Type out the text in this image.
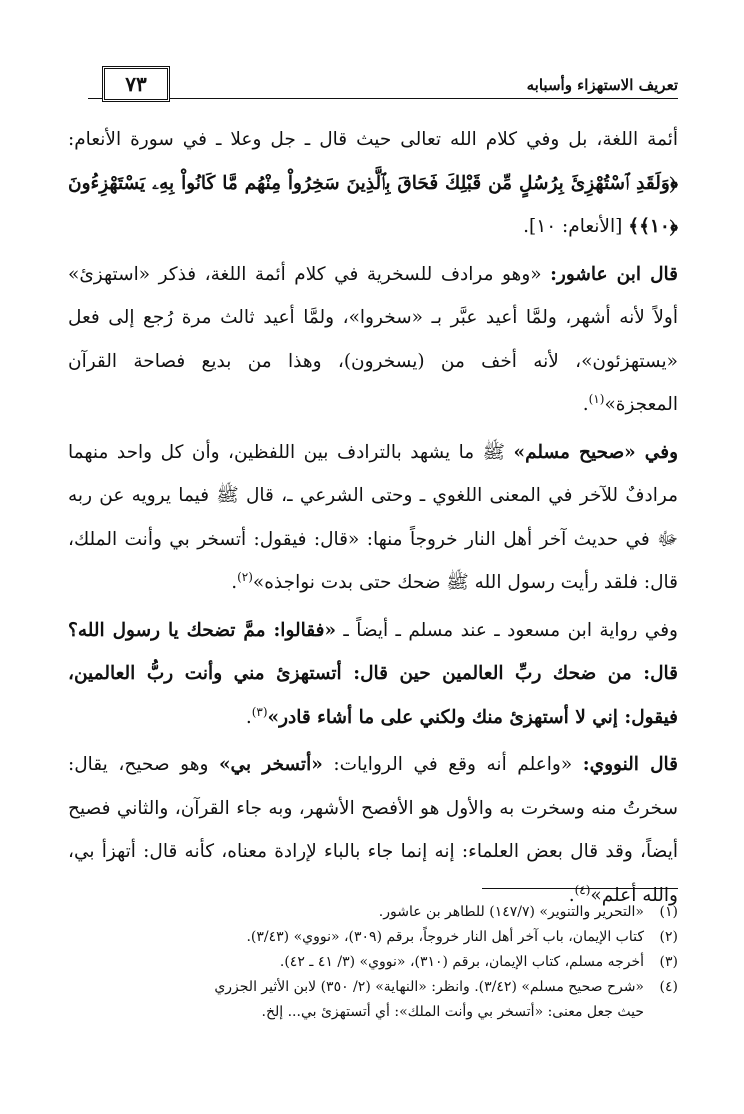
تعريف الاستهزاء وأسبابه
٧٣

أئمة اللغة، بل وفي كلام الله تعالى حيث قال ـ جل وعلا ـ في سورة الأنعام: ﴿وَلَقَدِ ٱسْتُهْزِئَ بِرُسُلٍ مِّن قَبْلِكَ فَحَاقَ بِٱلَّذِينَ سَخِرُواْ مِنْهُم مَّا كَانُواْ بِهِۦ يَسْتَهْزِءُونَ ﴿١٠﴾﴾ [الأنعام: ١٠].

قال ابن عاشور: «وهو مرادف للسخرية في كلام أئمة اللغة، فذكر «استهزئ» أولاً لأنه أشهر، ولمَّا أعيد عبَّر بـ «سخروا»، ولمَّا أعيد ثالث مرة رُجع إلى فعل «يستهزئون»، لأنه أخف من (يسخرون)، وهذا من بديع فصاحة القرآن المعجزة»$^{(١)}$.

وفي «صحيح مسلم» ﷺ ما يشهد بالترادف بين اللفظين، وأن كل واحد منهما مرادفٌ للآخر في المعنى اللغوي ـ وحتى الشرعي ـ، قال ﷺ فيما يرويه عن ربه ﷻ في حديث آخر أهل النار خروجاً منها: «قال: فيقول: أتسخر بي وأنت الملك، قال: فلقد رأيت رسول الله ﷺ ضحك حتى بدت نواجذه»$^{(٢)}$.

وفي رواية ابن مسعود ـ عند مسلم ـ أيضاً ـ «فقالوا: ممَّ تضحك يا رسول الله؟ قال: من ضحك ربِّ العالمين حين قال: أتستهزئ مني وأنت ربُّ العالمين، فيقول: إني لا أستهزئ منك ولكني على ما أشاء قادر»$^{(٣)}$.

قال النووي: «واعلم أنه وقع في الروايات: «أتسخر بي» وهو صحيح، يقال: سخرتُ منه وسخرت به والأول هو الأفصح الأشهر، وبه جاء القرآن، والثاني فصيح أيضاً، وقد قال بعض العلماء: إنه إنما جاء بالباء لإرادة معناه، كأنه قال: أتهزأ بي، والله أعلم»$^{(٤)}$.

(١)
«التحرير والتنوير» (١٤٧/٧) للطاهر بن عاشور.
(٢)
كتاب الإيمان، باب آخر أهل النار خروجاً، برقم (٣٠٩)، «نووي» (٣/٤٣).
(٣)
أخرجه مسلم، كتاب الإيمان، برقم (٣١٠)، «نووي» (٣/ ٤١ ـ ٤٢).
(٤)
«شرح صحيح مسلم» (٣/٤٢). وانظر: «النهاية» (٢/ ٣٥٠) لابن الأثير الجزري
حيث جعل معنى: «أتسخر بي وأنت الملك»: أي أتستهزئ بي... إلخ.
